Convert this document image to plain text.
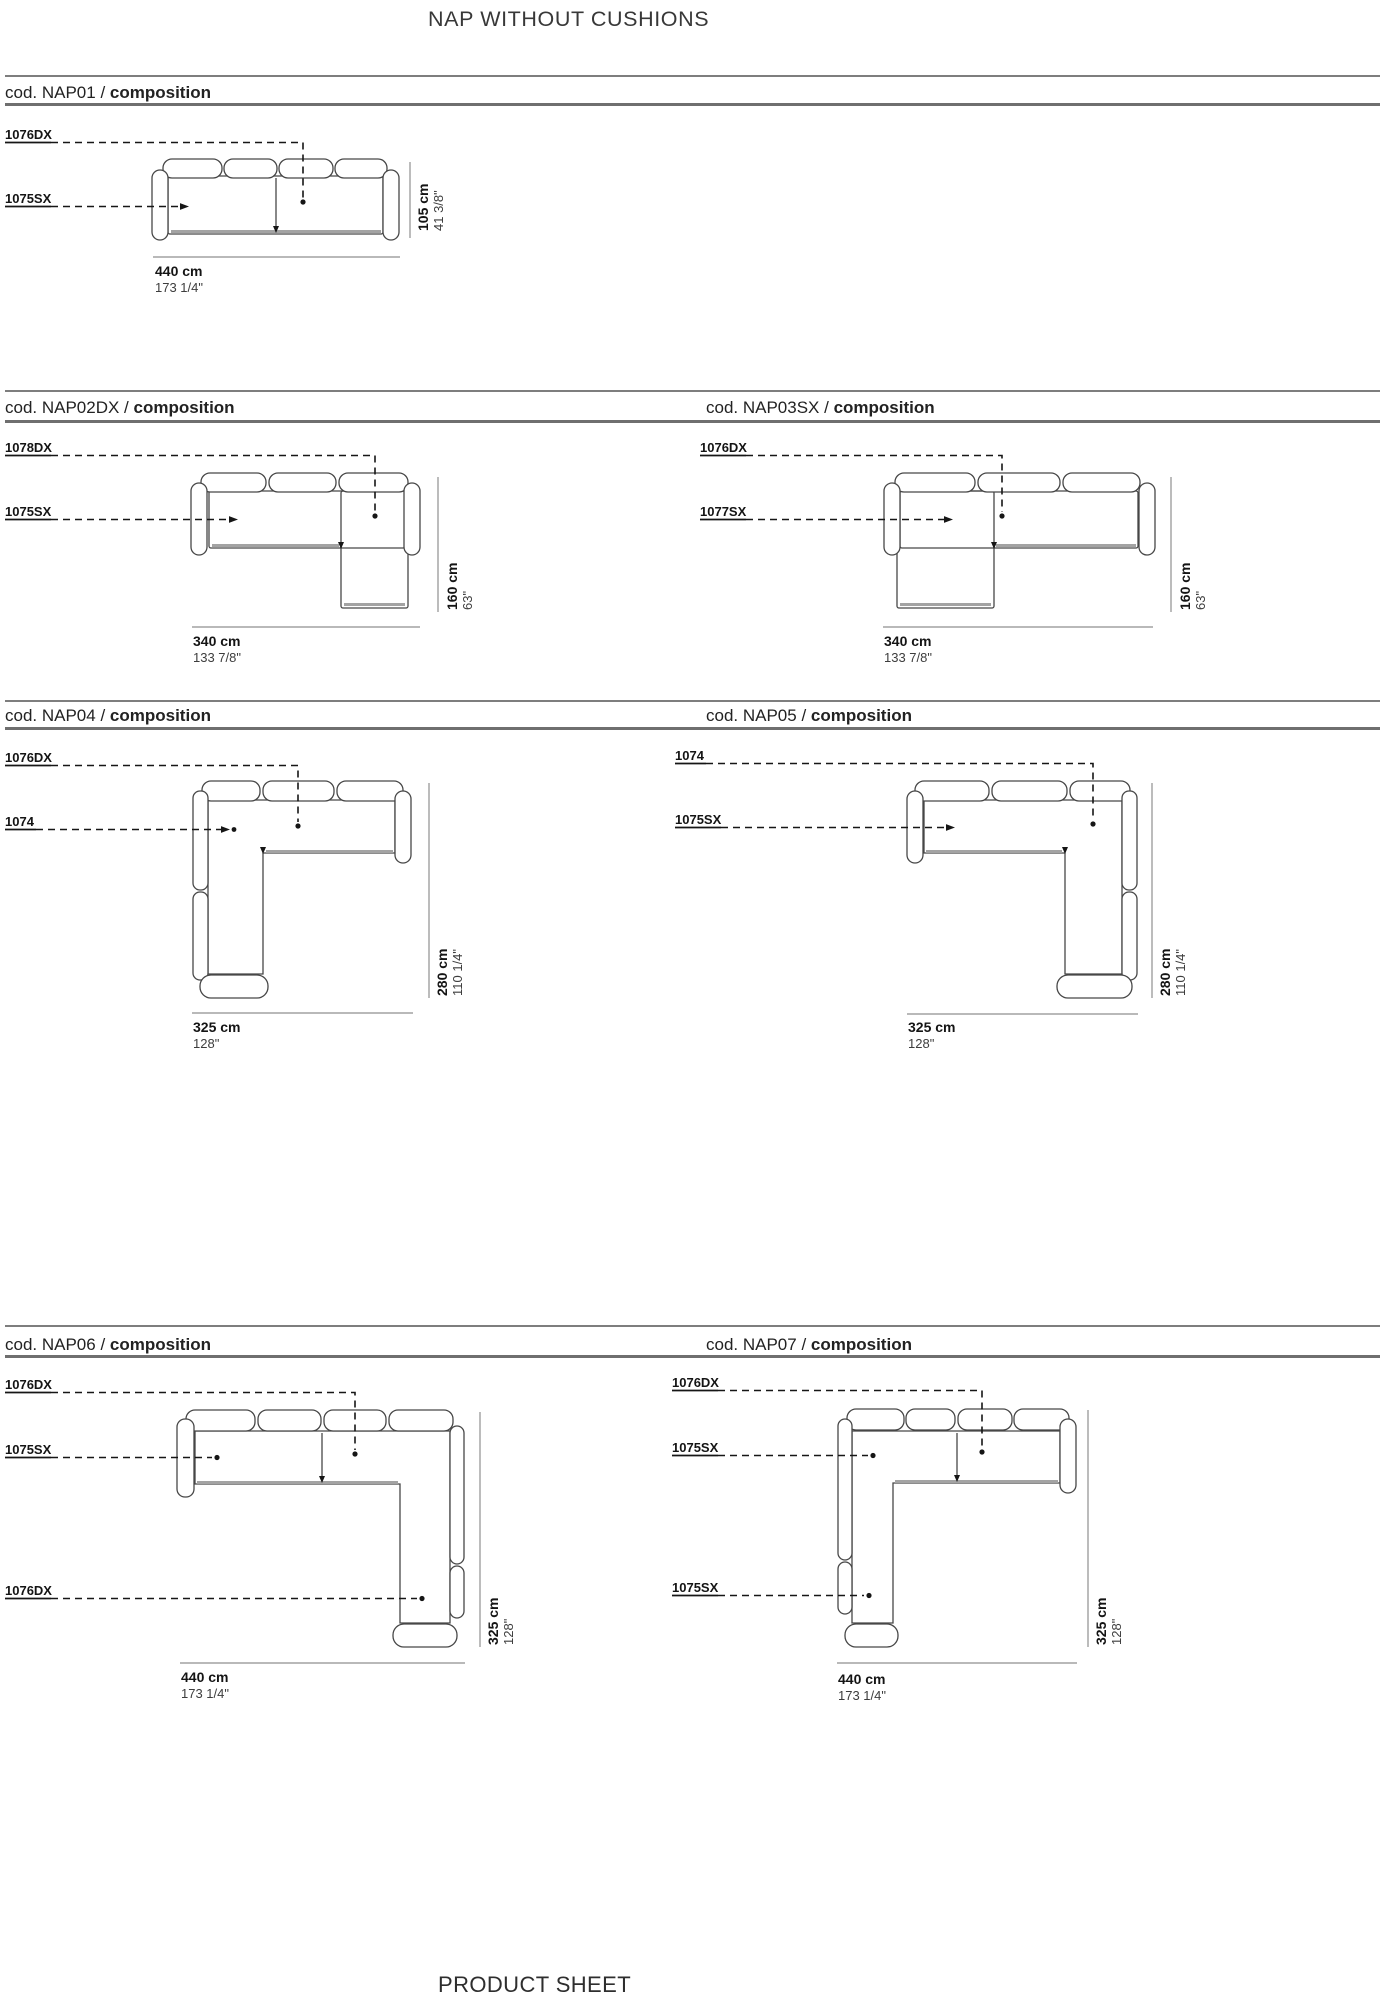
NAP WITHOUT CUSHIONS
cod. NAP01 / composition
cod. NAP02DX / composition	cod. NAP03SX / composition
cod. NAP04 / composition	cod. NAP05 / composition
cod. NAP06 / composition	cod. NAP07 / composition
1076DX
1075SX	105 cm 41 3/8"
440 cm
173 1/4"
1078DX
1075SX
160 cm 63"
340 cm
133 7/8"
1076DX
1077SX
160 cm 63"
340 cm
133 7/8"
1076DX
1074
280 cm 110 1/4"
325 cm
128"
1074
1075SX
280 cm 110 1/4"
325 cm
128"
1076DX
1075SX
1076DX
325 cm 128"
440 cm
173 1/4"
1076DX
1075SX
1075SX
325 cm 128"
440 cm
173 1/4"
PRODUCT SHEET
